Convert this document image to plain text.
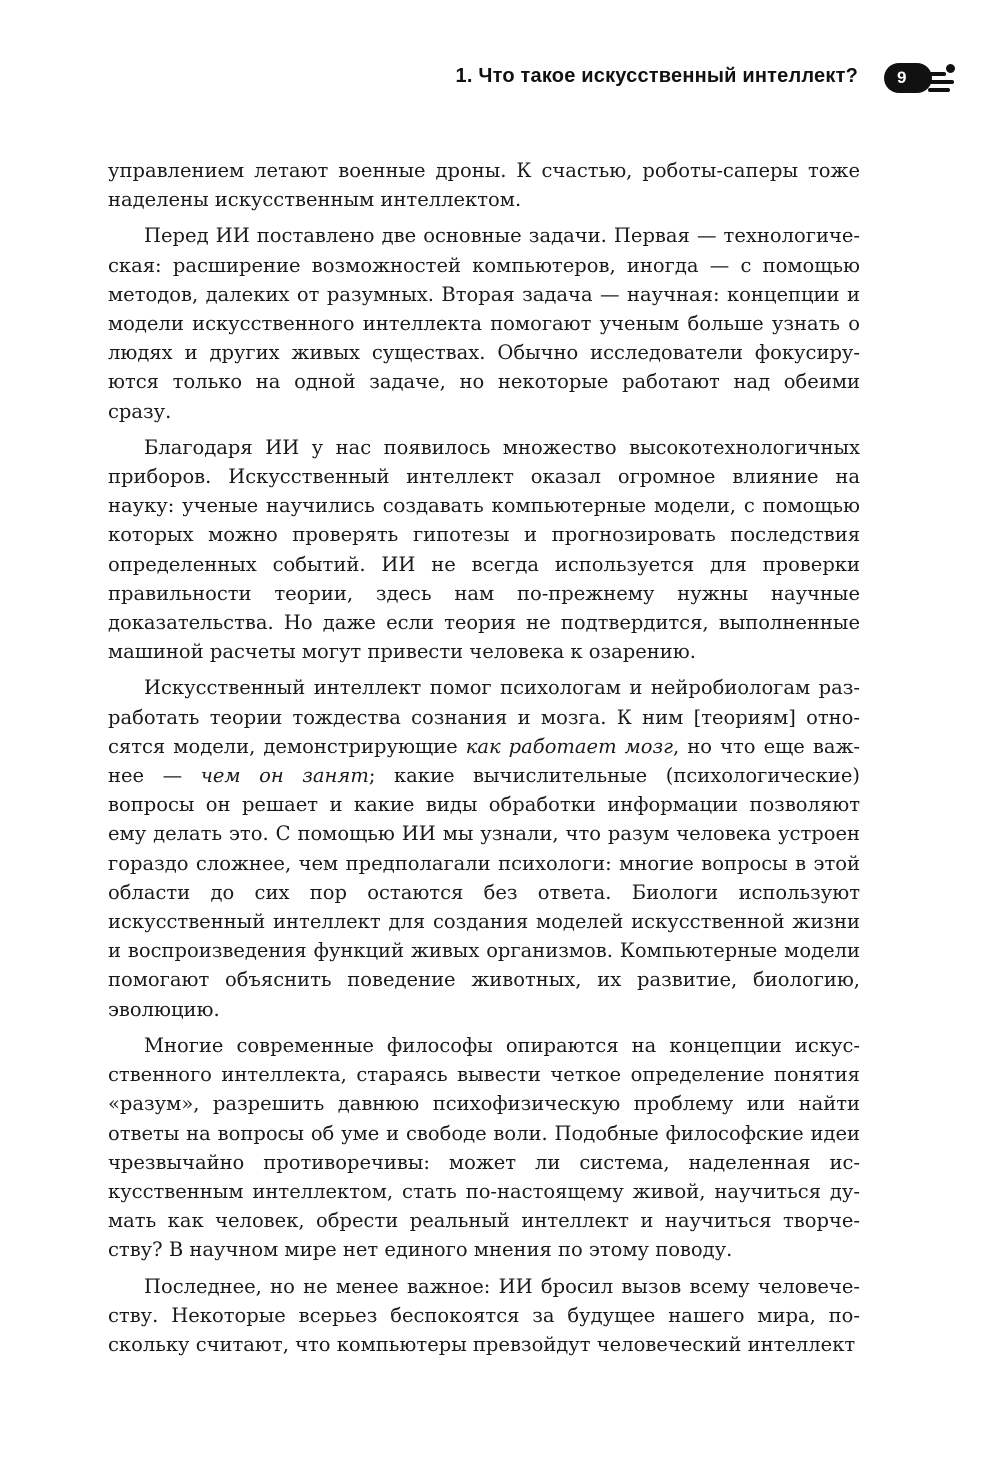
1. Что такое искусственный интеллект? 9

управлением летают военные дроны. К счастью, роботы-саперы тоже наделены искусственным интеллектом.

Перед ИИ поставлено две основные задачи. Первая — технологическая: расширение возможностей компьютеров, иногда — с помощью методов, далеких от разумных. Вторая задача — научная: концепции и модели искусственного интеллекта помогают ученым больше узнать о людях и других живых существах. Обычно исследователи фокусируются только на одной задаче, но некоторые работают над обеими сразу.

Благодаря ИИ у нас появилось множество высокотехнологичных приборов. Искусственный интеллект оказал огромное влияние на науку: ученые научились создавать компьютерные модели, с помощью которых можно проверять гипотезы и прогнозировать последствия определенных событий. ИИ не всегда используется для проверки правильности теории, здесь нам по-прежнему нужны научные доказательства. Но даже если теория не подтвердится, выполненные машиной расчеты могут привести человека к озарению.

Искусственный интеллект помог психологам и нейробиологам разработать теории тождества сознания и мозга. К ним [теориям] относятся модели, демонстрирующие как работает мозг, но что еще важнее — чем он занят; какие вычислительные (психологические) вопросы он решает и какие виды обработки информации позволяют ему делать это. С помощью ИИ мы узнали, что разум человека устроен гораздо сложнее, чем предполагали психологи: многие вопросы в этой области до сих пор остаются без ответа. Биологи используют искусственный интеллект для создания моделей искусственной жизни и воспроизведения функций живых организмов. Компьютерные модели помогают объяснить поведение животных, их развитие, биологию, эволюцию.

Многие современные философы опираются на концепции искусственного интеллекта, стараясь вывести четкое определение понятия «разум», разрешить давнюю психофизическую проблему или найти ответы на вопросы об уме и свободе воли. Подобные философские идеи чрезвычайно противоречивы: может ли система, наделенная искусственным интеллектом, стать по-настоящему живой, научиться думать как человек, обрести реальный интеллект и научиться творчеству? В научном мире нет единого мнения по этому поводу.

Последнее, но не менее важное: ИИ бросил вызов всему человечеству. Некоторые всерьез беспокоятся за будущее нашего мира, поскольку считают, что компьютеры превзойдут человеческий интеллект
